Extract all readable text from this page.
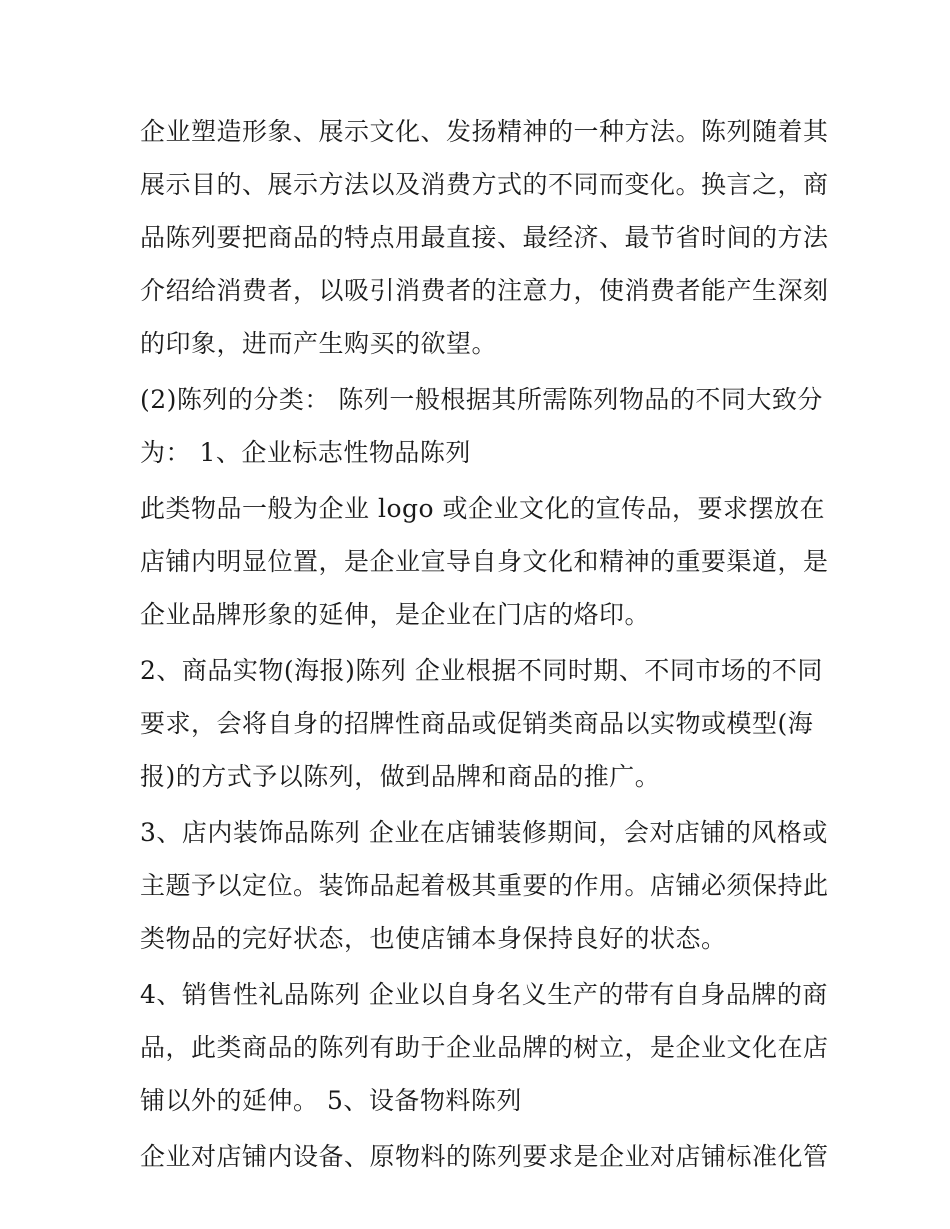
企业塑造形象、展示文化、发扬精神的一种方法。陈列随着其
展示目的、展示方法以及消费方式的不同而变化。换言之，商
品陈列要把商品的特点用最直接、最经济、最节省时间的方法
介绍给消费者，以吸引消费者的注意力，使消费者能产生深刻
的印象，进而产生购买的欲望。
(2)陈列的分类： 陈列一般根据其所需陈列物品的不同大致分
为： 1、企业标志性物品陈列
此类物品一般为企业 logo 或企业文化的宣传品，要求摆放在
店铺内明显位置，是企业宣导自身文化和精神的重要渠道，是
企业品牌形象的延伸，是企业在门店的烙印。
2、商品实物(海报)陈列 企业根据不同时期、不同市场的不同
要求，会将自身的招牌性商品或促销类商品以实物或模型(海
报)的方式予以陈列，做到品牌和商品的推广。
3、店内装饰品陈列 企业在店铺装修期间，会对店铺的风格或
主题予以定位。装饰品起着极其重要的作用。店铺必须保持此
类物品的完好状态，也使店铺本身保持良好的状态。
4、销售性礼品陈列 企业以自身名义生产的带有自身品牌的商
品，此类商品的陈列有助于企业品牌的树立，是企业文化在店
铺以外的延伸。 5、设备物料陈列
企业对店铺内设备、原物料的陈列要求是企业对店铺标准化管
